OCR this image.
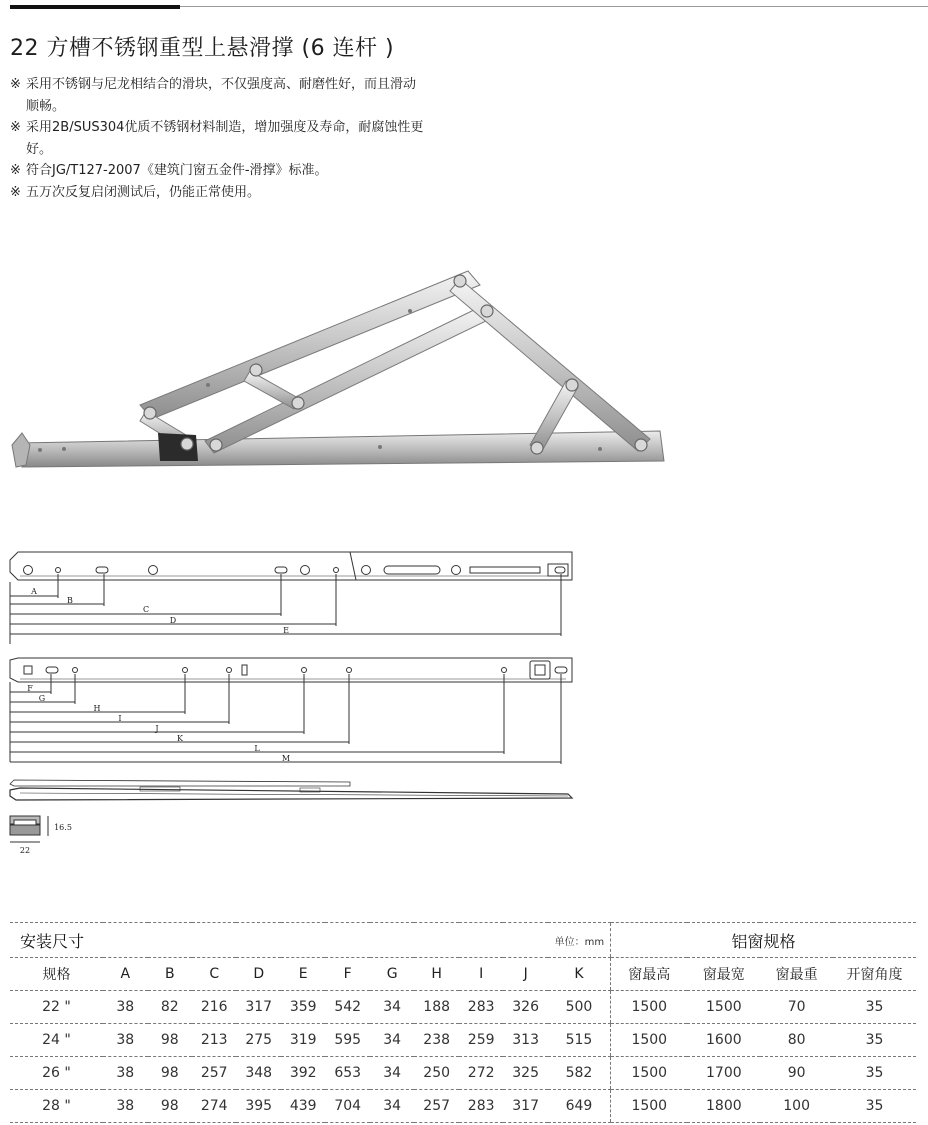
22 方槽不锈钢重型上悬滑撑 (6 连杆 )
※ 采用不锈钢与尼龙相结合的滑块，不仅强度高、耐磨性好，而且滑动顺畅。
※ 采用2B/SUS304优质不锈钢材料制造，增加强度及寿命，耐腐蚀性更好。
※ 符合JG/T127-2007《建筑门窗五金件-滑撑》标准。
※ 五万次反复启闭测试后，仍能正常使用。
A
B
C
D
E
F
G
H
I
J
K
L
M
16.5
22
安装尺寸								单位：mm				铝窗规格			
规格	A	B	C	D	E	F	G	H	I	J	K	窗最高	窗最宽	窗最重	开窗角度
22 "	38	82	216	317	359	542	34	188	283	326	500	1500	1500	70	35
24 "	38	98	213	275	319	595	34	238	259	313	515	1500	1600	80	35
26 "	38	98	257	348	392	653	34	250	272	325	582	1500	1700	90	35
28 "	38	98	274	395	439	704	34	257	283	317	649	1500	1800	100	35
